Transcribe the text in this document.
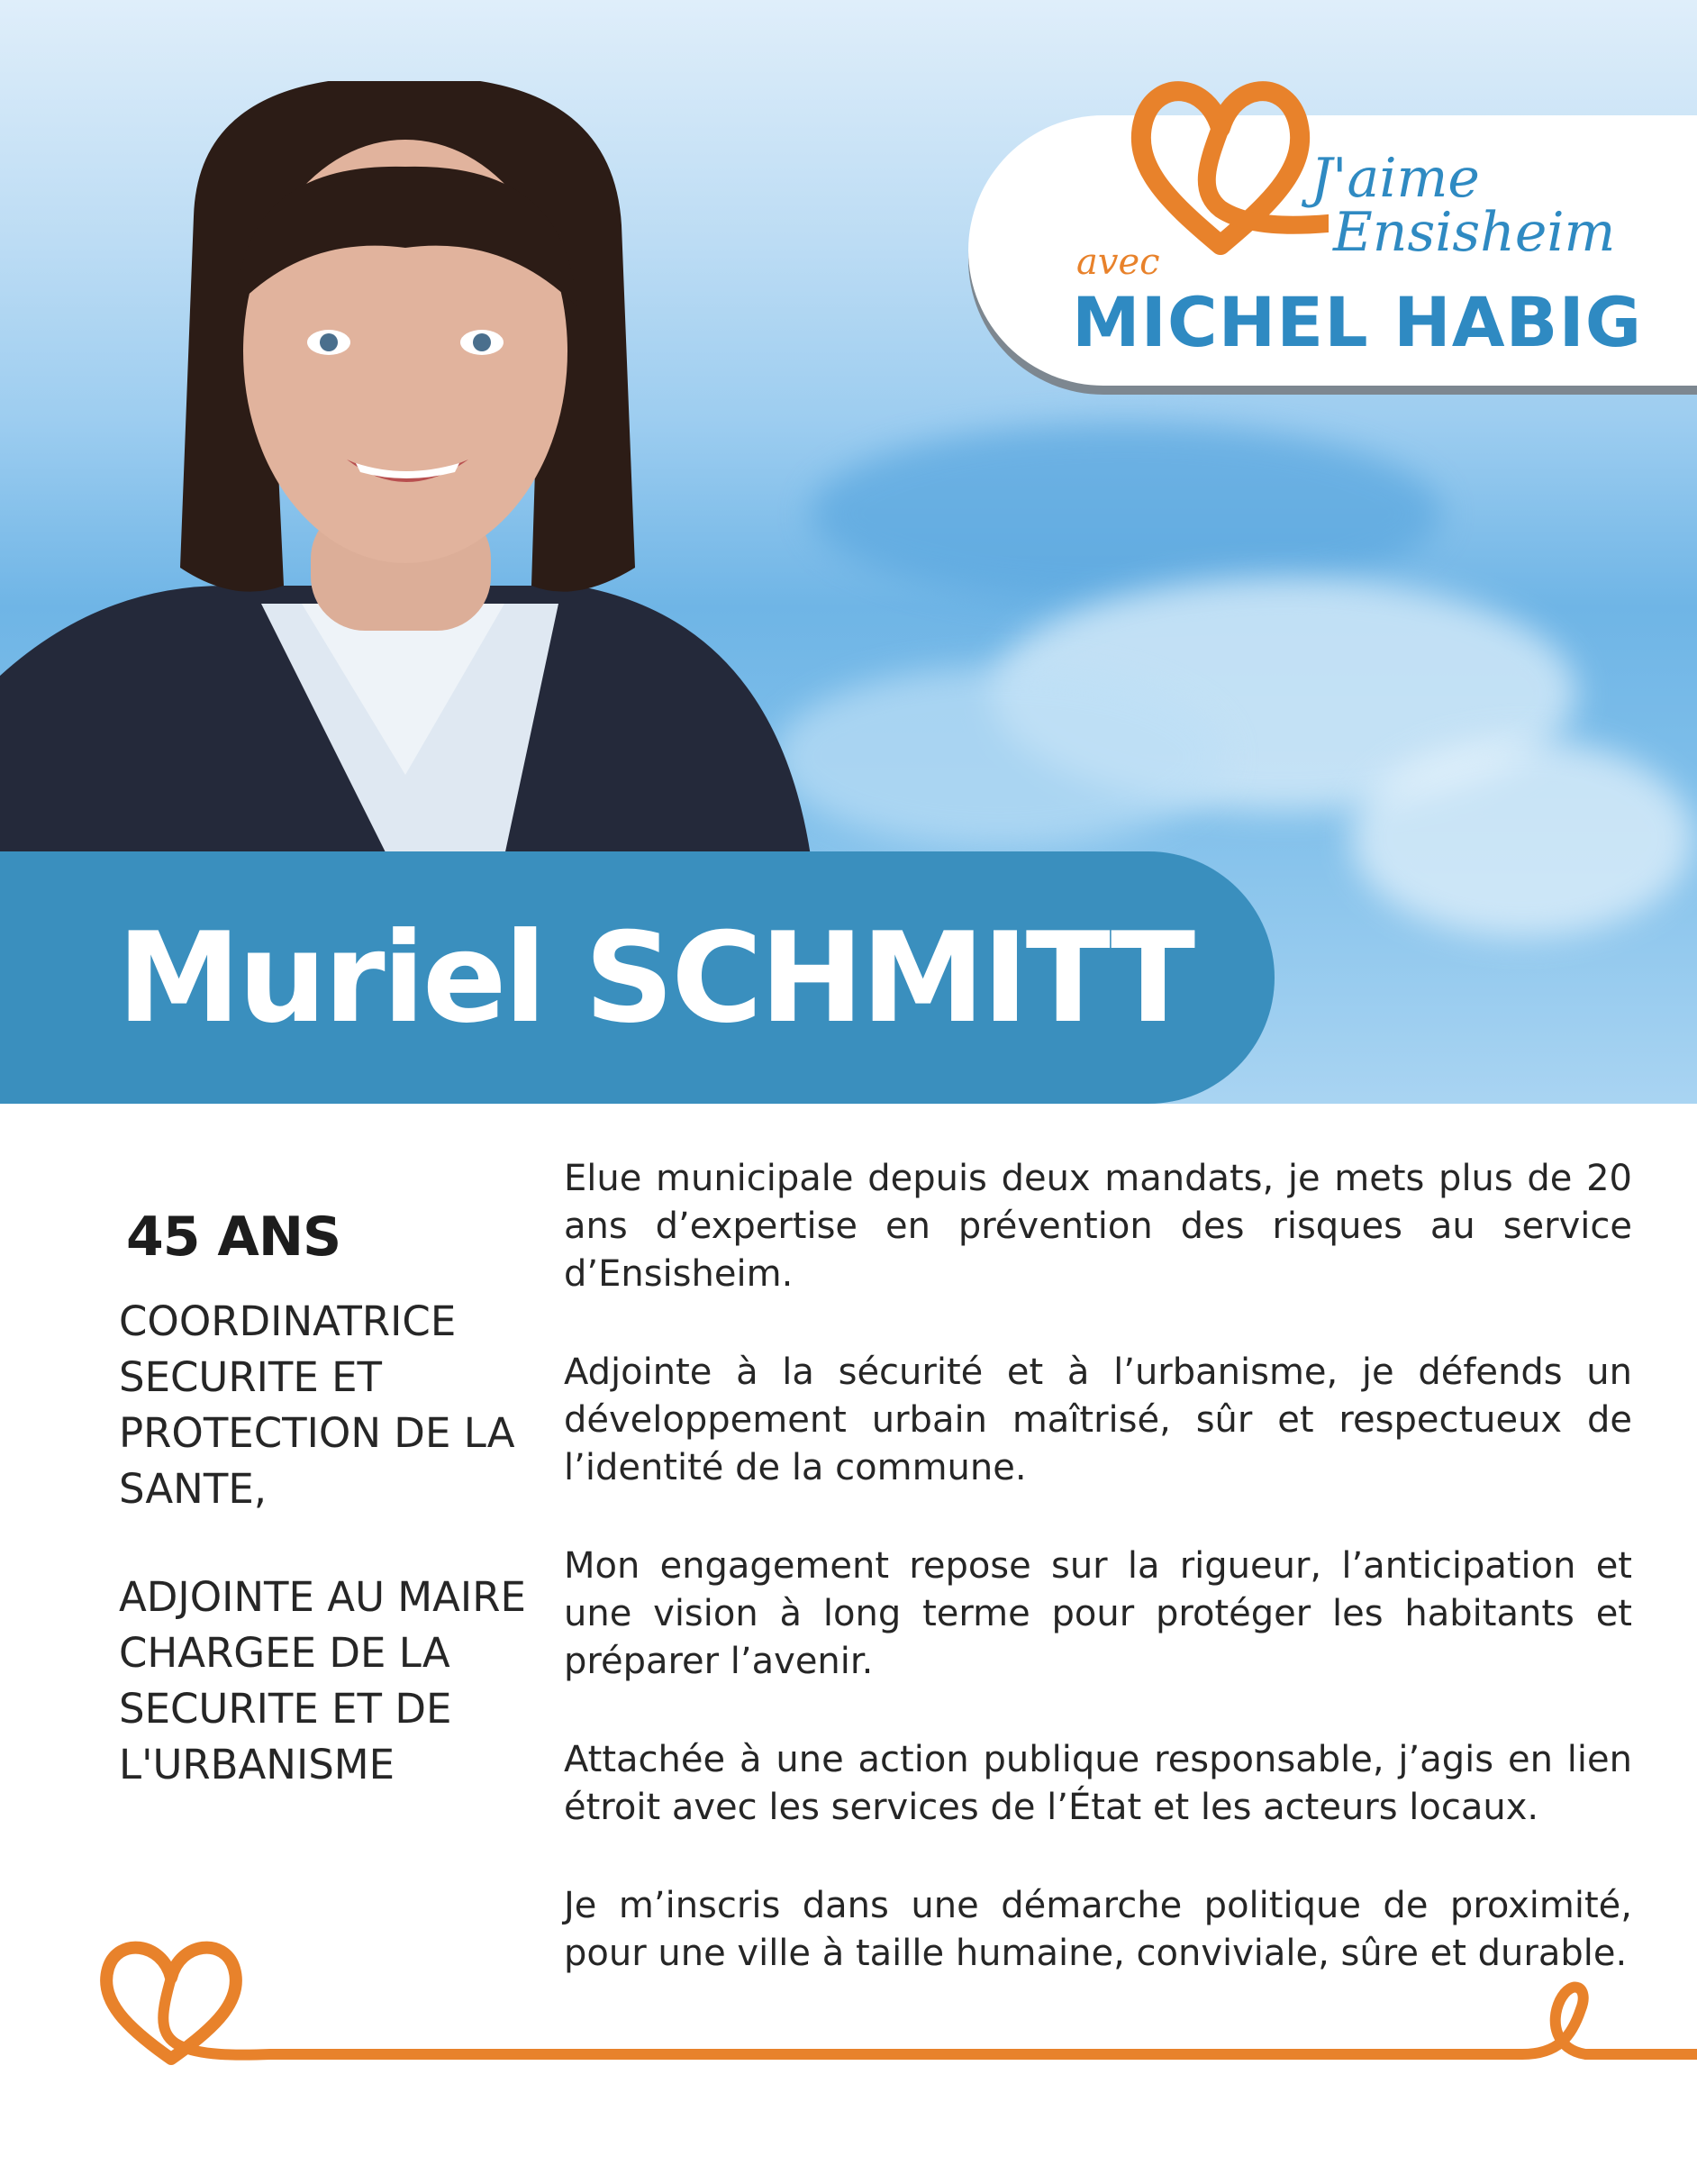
J'aime
Ensisheim
avec
MICHEL HABIG
Muriel SCHMITT
45 ANS
COORDINATRICE SECURITE ET PROTECTION DE LA SANTE,
ADJOINTE AU MAIRE CHARGEE DE LA SECURITE ET DE L'URBANISME

Elue municipale depuis deux mandats, je mets plus de 20 ans d’expertise en prévention des risques au service d’Ensisheim.

Adjointe à la sécurité et à l’urbanisme, je défends un développement urbain maîtrisé, sûr et respectueux de l’identité de la commune.

Mon engagement repose sur la rigueur, l’anticipation et une vision à long terme pour protéger les habitants et préparer l’avenir.

Attachée à une action publique responsable, j’agis en lien étroit avec les services de l’État et les acteurs locaux.

Je m’inscris dans une démarche politique de proximité, pour une ville à taille humaine, conviviale, sûre et durable.
